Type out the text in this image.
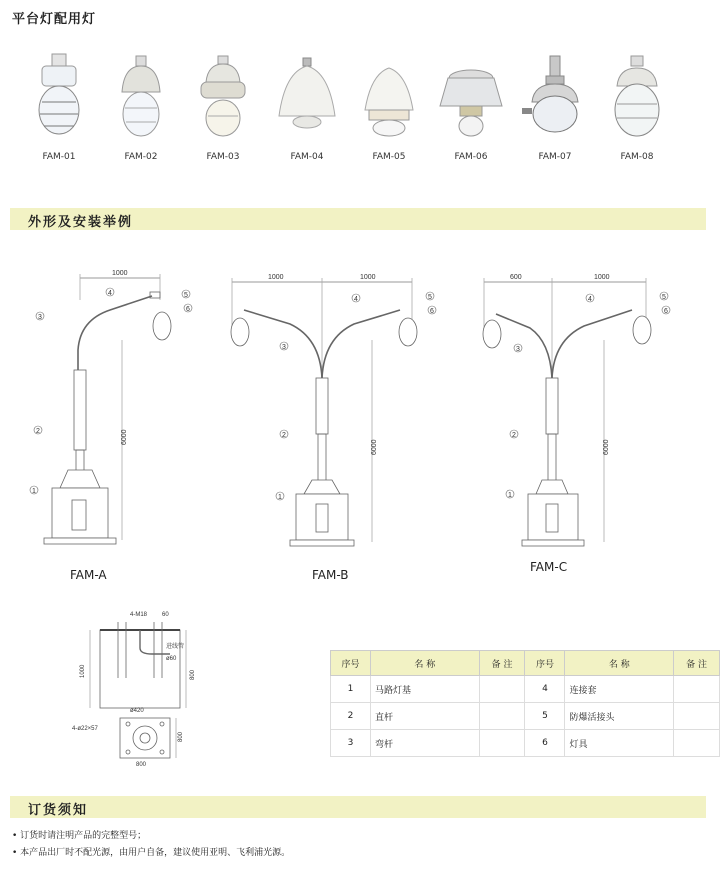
平台灯配用灯
FAM-01	FAM-02	FAM-03	FAM-04	FAM-05	FAM-06	FAM-07	FAM-08
外形及安装举例
1000
1000	1000	600	1000
6000
6000	6000
4	5
6
3
2
1
4	5
6
3
2
1
4	5
6
3
2
1
FAM-A	FAM-B
FAM-C
4-M18 60
进线管
ø60
1000	800
ø420
4-ø22×57
800
800
序号	名 称	备 注	序号	名 称	备 注
1	马路灯基		4	连接套	
2	直杆		5	防爆活接头	
3	弯杆		6	灯具	
订货须知
• 订货时请注明产品的完整型号；
• 本产品出厂时不配光源，由用户自备，建议使用亚明、飞利浦光源。
